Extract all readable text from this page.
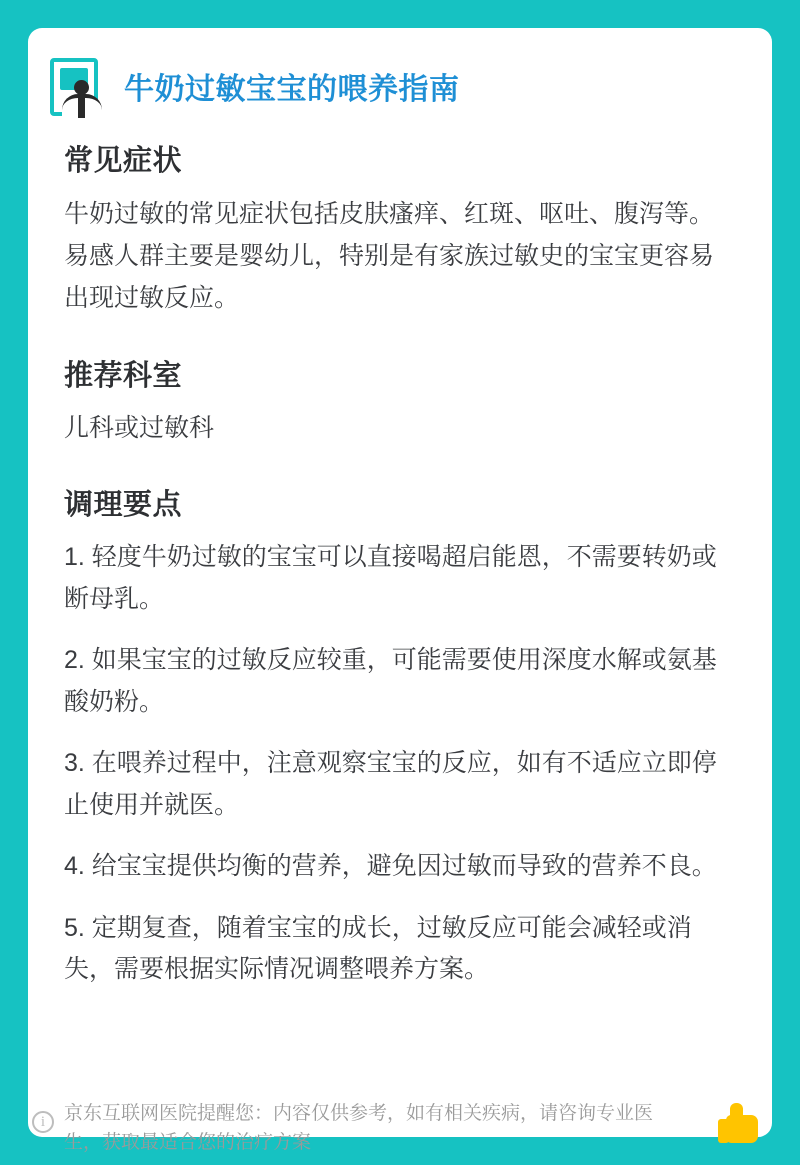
牛奶过敏宝宝的喂养指南
常见症状

牛奶过敏的常见症状包括皮肤瘙痒、红斑、呕吐、腹泻等。易感人群主要是婴幼儿，特别是有家族过敏史的宝宝更容易出现过敏反应。

推荐科室

儿科或过敏科

调理要点
1. 轻度牛奶过敏的宝宝可以直接喝超启能恩，不需要转奶或断母乳。
2. 如果宝宝的过敏反应较重，可能需要使用深度水解或氨基酸奶粉。
3. 在喂养过程中，注意观察宝宝的反应，如有不适应立即停止使用并就医。
4. 给宝宝提供均衡的营养，避免因过敏而导致的营养不良。
5. 定期复查，随着宝宝的成长，过敏反应可能会减轻或消失，需要根据实际情况调整喂养方案。
i 京东互联网医院提醒您：内容仅供参考，如有相关疾病，请咨询专业医生，获取最适合您的治疗方案
